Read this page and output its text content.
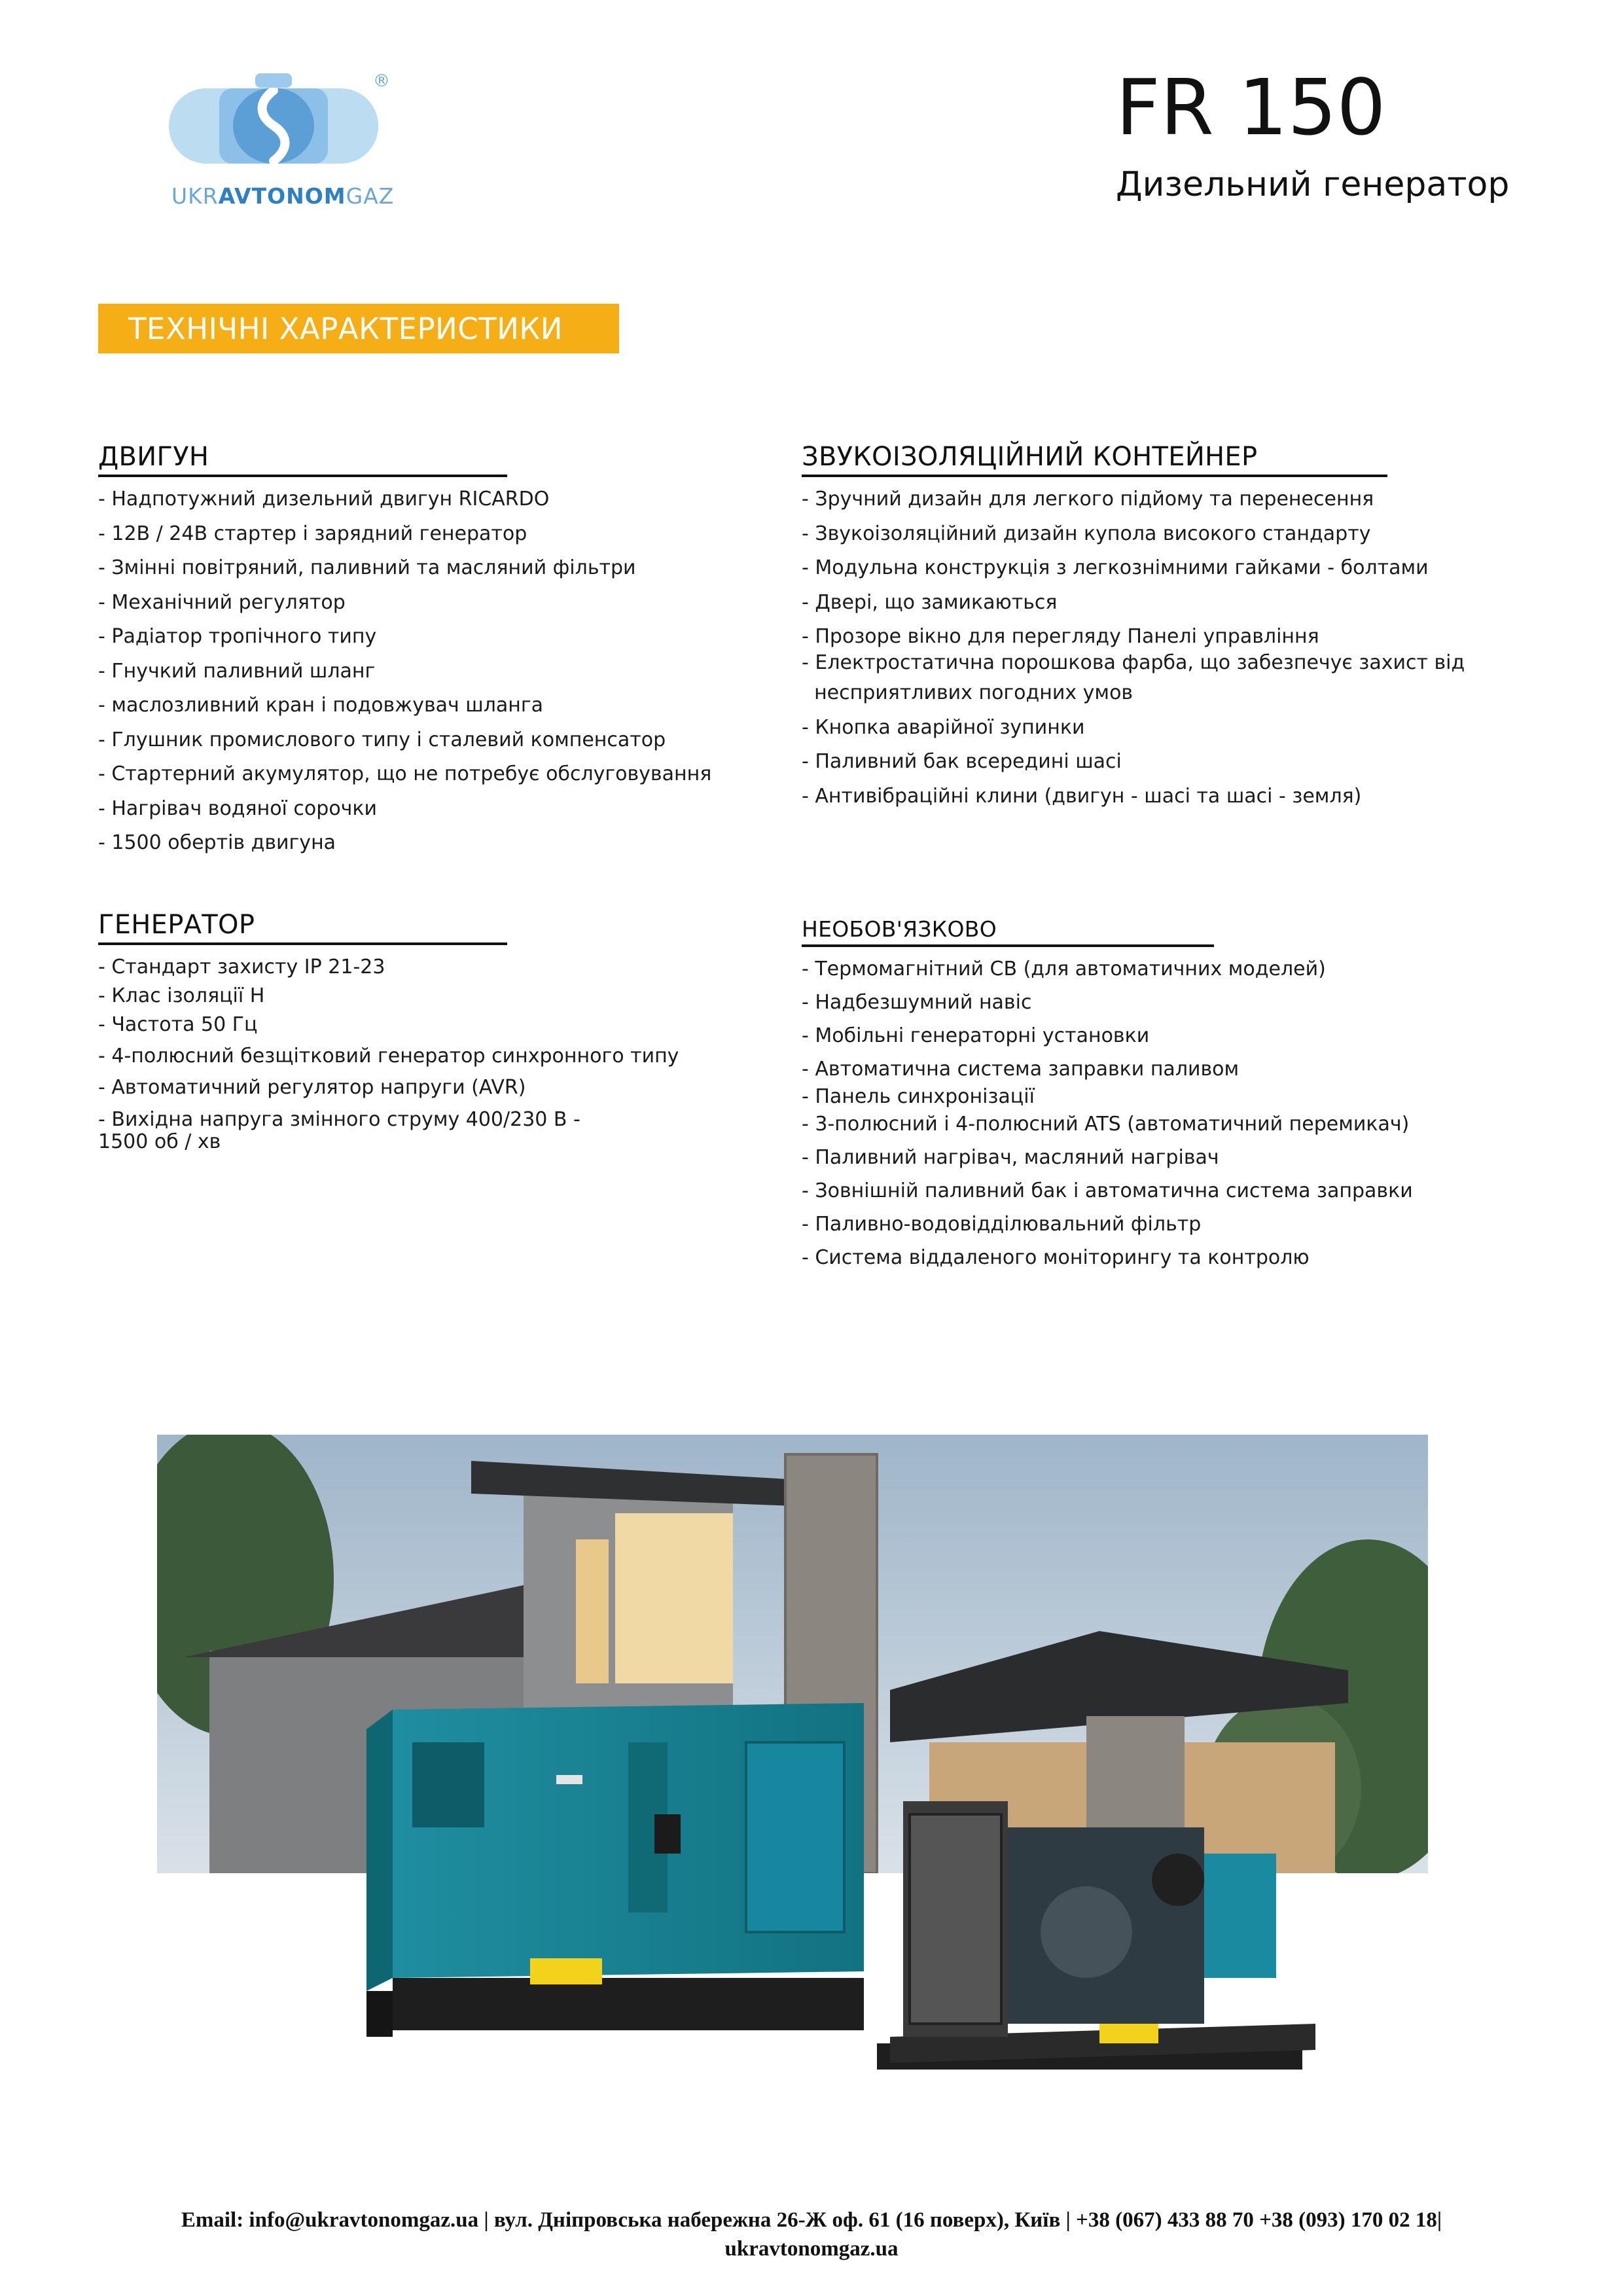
®
UKRAVTONOMGAZ
FR 150
Дизельний генератор
ТЕХНІЧНІ ХАРАКТЕРИСТИКИ
ДВИГУН
- Надпотужний дизельний двигун RICARDO
- 12В / 24В стартер і зарядний генератор
- Змінні повітряний, паливний та масляний фільтри
- Механічний регулятор
- Радіатор тропічного типу
- Гнучкий паливний шланг
- маслозливний кран і подовжувач шланга
- Глушник промислового типу і сталевий компенсатор
- Стартерний акумулятор, що не потребує обслуговування
- Нагрівач водяної сорочки
- 1500 обертів двигуна
ЗВУКОІЗОЛЯЦІЙНИЙ КОНТЕЙНЕР
- Зручний дизайн для легкого підйому та перенесення
- Звукоізоляційний дизайн купола високого стандарту
- Модульна конструкція з легкознімними гайками - болтами
- Двері, що замикаються
- Прозоре вікно для перегляду Панелі управління
- Електростатична порошкова фарба, що забезпечує захист від
несприятливих погодних умов
- Кнопка аварійної зупинки
- Паливний бак всередині шасі
- Антивібраційні клини (двигун - шасі та шасі - земля)
ГЕНЕРАТОР
- Стандарт захисту IP 21-23
- Клас ізоляції H
- Частота 50 Гц
- 4-полюсний безщітковий генератор синхронного типу
- Автоматичний регулятор напруги (AVR)
- Вихідна напруга змінного струму 400/230 В - 1500 об / хв
НЕОБОВ'ЯЗКОВО
- Термомагнітний CB (для автоматичних моделей)
- Надбезшумний навіс
- Мобільні генераторні установки
- Автоматична система заправки паливом
- Панель синхронізації
- 3-полюсний і 4-полюсний ATS (автоматичний перемикач)
- Паливний нагрівач, масляний нагрівач
- Зовнішній паливний бак і автоматична система заправки
- Паливно-водовідділювальний фільтр
- Система віддаленого моніторингу та контролю
Email: info@ukravtonomgaz.ua | вул. Дніпровська набережна 26-Ж оф. 61 (16 поверх), Київ | +38 (067) 433 88 70 +38 (093) 170 02 18|
ukravtonomgaz.ua
